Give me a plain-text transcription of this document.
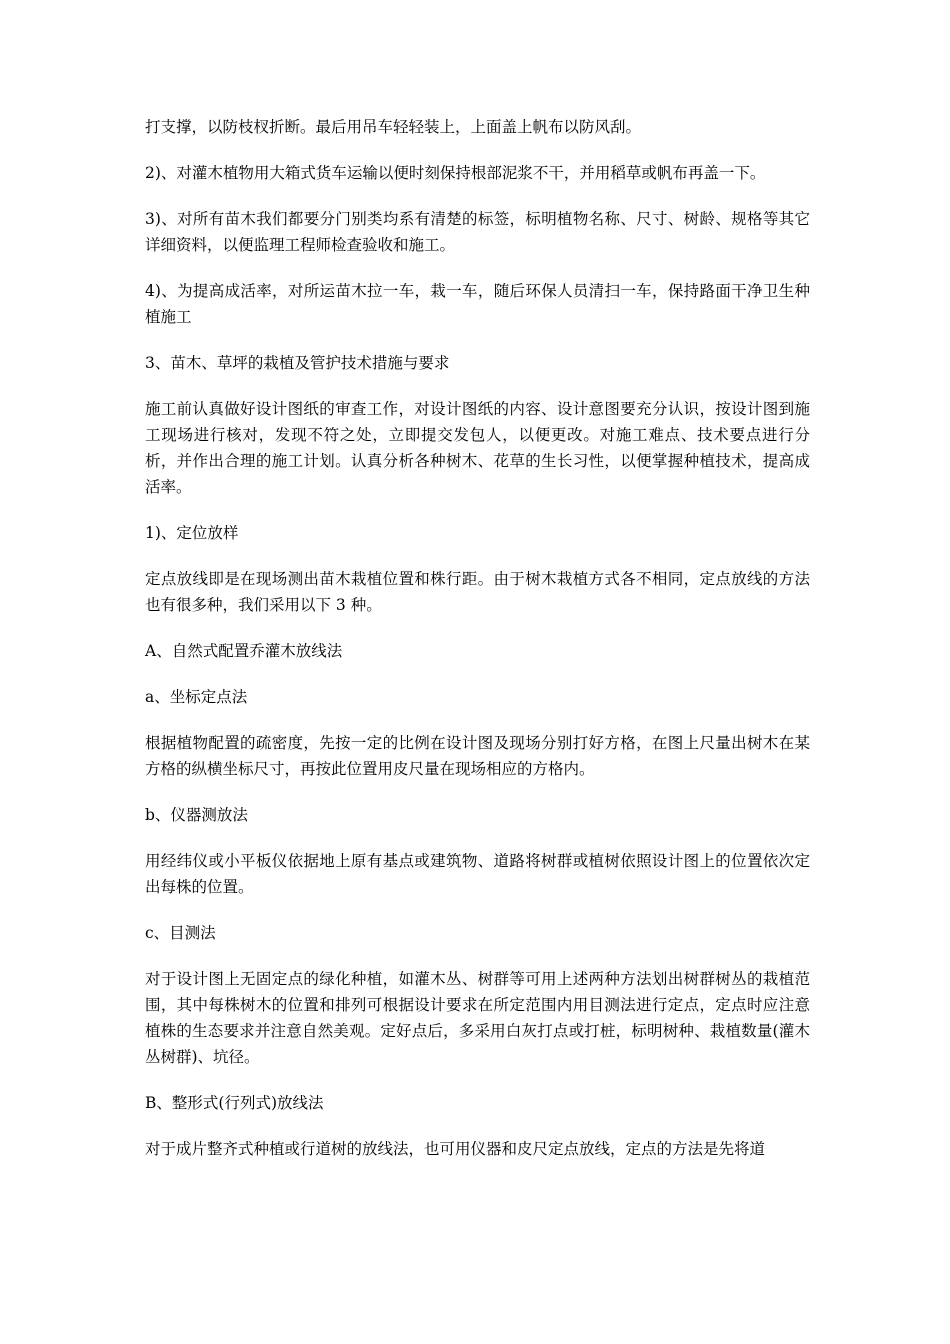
打支撑，以防枝杈折断。最后用吊车轻轻装上，上面盖上帆布以防风刮。

2)、对灌木植物用大箱式货车运输以便时刻保持根部泥浆不干，并用稻草或帆布再盖一下。

3)、对所有苗木我们都要分门别类均系有清楚的标签，标明植物名称、尺寸、树龄、规格等其它详细资料，以便监理工程师检查验收和施工。

4)、为提高成活率，对所运苗木拉一车，栽一车，随后环保人员清扫一车，保持路面干净卫生种植施工

3、苗木、草坪的栽植及管护技术措施与要求

施工前认真做好设计图纸的审查工作，对设计图纸的内容、设计意图要充分认识，按设计图到施工现场进行核对，发现不符之处，立即提交发包人，以便更改。对施工难点、技术要点进行分析，并作出合理的施工计划。认真分析各种树木、花草的生长习性，以便掌握种植技术，提高成活率。

1)、定位放样

定点放线即是在现场测出苗木栽植位置和株行距。由于树木栽植方式各不相同，定点放线的方法也有很多种，我们采用以下 3 种。

A、自然式配置乔灌木放线法

a、坐标定点法

根据植物配置的疏密度，先按一定的比例在设计图及现场分别打好方格，在图上尺量出树木在某方格的纵横坐标尺寸，再按此位置用皮尺量在现场相应的方格内。

b、仪器测放法

用经纬仪或小平板仪依据地上原有基点或建筑物、道路将树群或植树依照设计图上的位置依次定出每株的位置。

c、目测法

对于设计图上无固定点的绿化种植，如灌木丛、树群等可用上述两种方法划出树群树丛的栽植范围，其中每株树木的位置和排列可根据设计要求在所定范围内用目测法进行定点，定点时应注意植株的生态要求并注意自然美观。定好点后，多采用白灰打点或打桩，标明树种、栽植数量(灌木丛树群)、坑径。

B、整形式(行列式)放线法

对于成片整齐式种植或行道树的放线法，也可用仪器和皮尺定点放线，定点的方法是先将道
